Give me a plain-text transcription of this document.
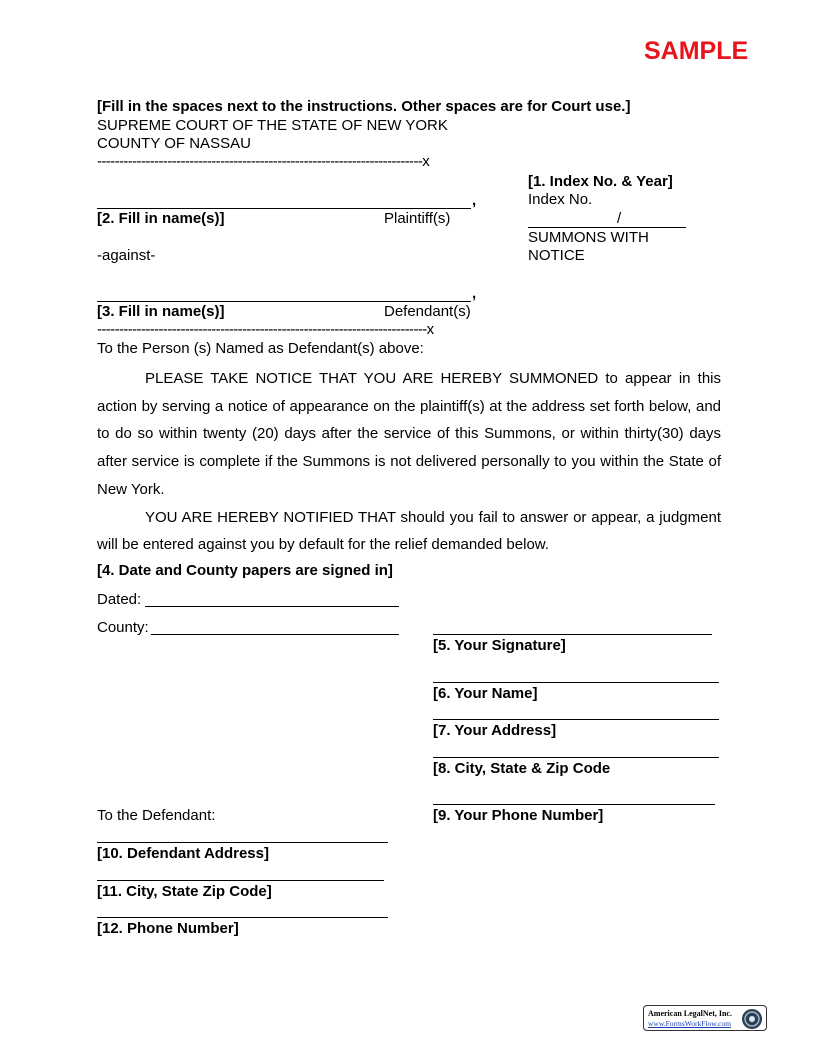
SAMPLE
[Fill in the spaces next to the instructions. Other spaces are for Court use.]
SUPREME COURT OF THE STATE OF NEW YORK
COUNTY OF NASSAU
--------------------------------------------------------------------------x
,
[2. Fill in name(s)]	Plaintiff(s)
-against-
,
[3. Fill in name(s)]	Defendant(s)
---------------------------------------------------------------------------x
[1. Index No. & Year]
Index No.
/
SUMMONS WITH
NOTICE
To the Person (s) Named as Defendant(s) above:

PLEASE TAKE NOTICE THAT YOU ARE HEREBY SUMMONED to appear in this action by serving a notice of appearance on the plaintiff(s) at the address set forth below, and to do so within twenty (20) days after the service of this Summons, or within thirty(30) days after service is complete if the Summons is not delivered personally to you within the State of New York.

YOU ARE HEREBY NOTIFIED THAT should you fail to answer or appear, a judgment will be entered against you by default for the relief demanded below.

[4. Date and County papers are signed in]
Dated:
County:
[5. Your Signature]
[6. Your Name]
[7. Your Address]
[8. City, State & Zip Code
[9. Your Phone Number]
To the Defendant:
[10. Defendant Address]
[11. City, State Zip Code]
[12. Phone Number]
American LegalNet, Inc.
www.FormsWorkFlow.com
